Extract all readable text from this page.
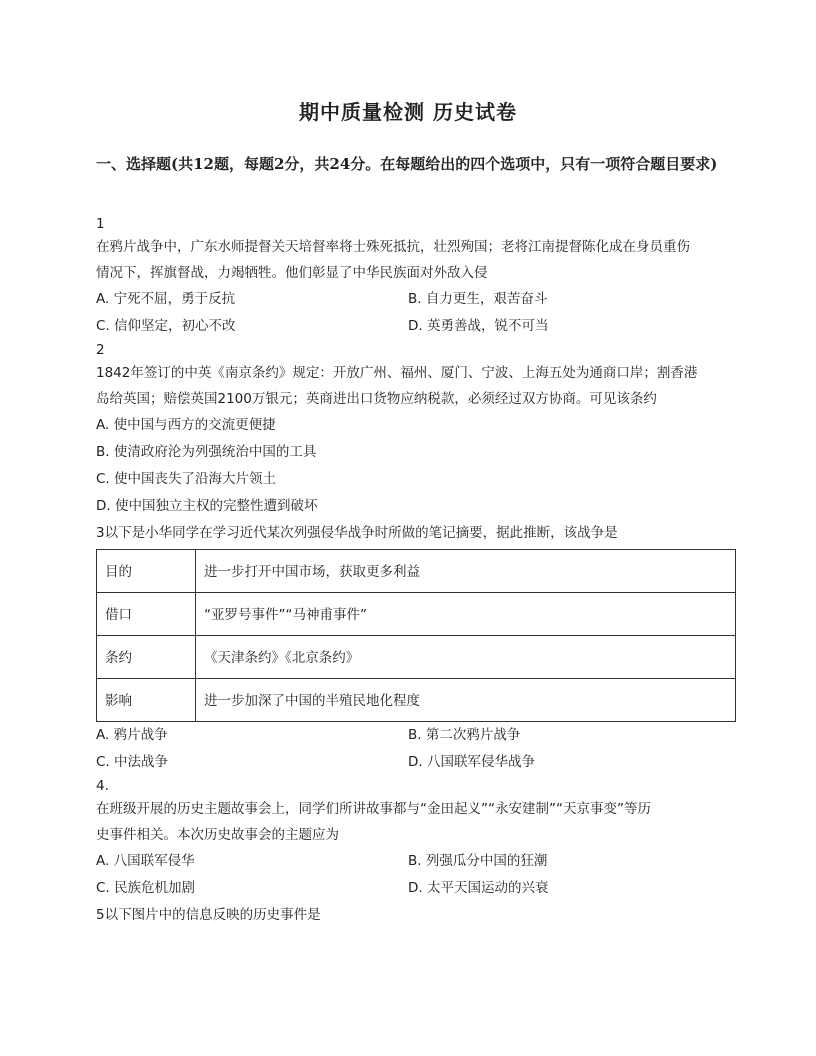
期中质量检测 历史试卷
一、选择题(共12题，每题2分，共24分。在每题给出的四个选项中，只有一项符合题目要求)
1
在鸦片战争中，广东水师提督关天培督率将士殊死抵抗，壮烈殉国；老将江南提督陈化成在身员重伤
情况下，挥旗督战，力竭牺牲。他们彰显了中华民族面对外敌入侵
A. 宁死不屈，勇于反抗	B. 自力更生，艰苦奋斗
C. 信仰坚定，初心不改	D. 英勇善战，锐不可当
2
1842年签订的中英《南京条约》规定：开放广州、福州、厦门、宁波、上海五处为通商口岸；割香港
岛给英国；赔偿英国2100万银元；英商进出口货物应纳税款，必须经过双方协商。可见该条约
A. 使中国与西方的交流更便捷
B. 使清政府沦为列强统治中国的工具
C. 使中国丧失了沿海大片领土
D. 使中国独立主权的完整性遭到破坏
3以下是小华同学在学习近代某次列强侵华战争时所做的笔记摘要，据此推断，该战争是
目的	进一步打开中国市场，获取更多利益
借口	“亚罗号事件”“马神甫事件”
条约	《天津条约》《北京条约》
影响	进一步加深了中国的半殖民地化程度
A. 鸦片战争	B. 第二次鸦片战争
C. 中法战争	D. 八国联军侵华战争
4.
在班级开展的历史主题故事会上，同学们所讲故事都与“金田起义”“永安建制”“天京事变”等历
史事件相关。本次历史故事会的主题应为
A. 八国联军侵华	B. 列强瓜分中国的狂潮
C. 民族危机加剧	D. 太平天国运动的兴衰
5以下图片中的信息反映的历史事件是
